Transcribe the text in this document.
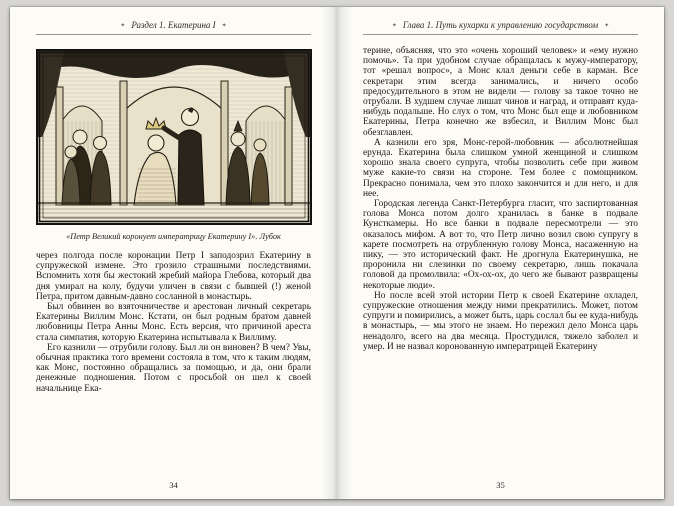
✦ Раздел 1. Екатерина I ✦
«Петр Великий коронует императрицу Екатерину I». Лубок

через полгода после коронации Петр I заподозрил Екатерину в супружеской измене. Это грозило страшными последствиями. Вспомнить хотя бы жестокий жребий майора Глебова, который два дня умирал на колу, будучи уличен в связи с бывшей (!) женой Петра, притом давным-давно сосланной в монастырь.

Был обвинен во взяточничестве и арестован личный секретарь Екатерины Виллим Монс. Кстати, он был родным братом давней любовницы Петра Анны Монс. Есть версия, что причиной ареста стала симпатия, которую Екатерина испытывала к Виллиму.

Его казнили — отрубили голову. Был ли он виновен? В чем? Увы, обычная практика того времени состояла в том, что к таким людям, как Монс, постоянно обращались за помощью, и да, они брали денежные подношения. Потом с просьбой он шел к своей начальнице Ека-

34
✦ Глава 1. Путь кухарки к управлению государством ✦

терине, объясняя, что это «очень хороший человек» и «ему нужно помочь». Та при удобном случае обращалась к мужу-императору, тот «решал вопрос», а Монс клал деньги себе в карман. Все секретари этим всегда занимались, и ничего особо предосудительного в этом не видели — голову за такое точно не отрубали. В худшем случае лишат чинов и наград, и отправят куда-нибудь подальше. Но слух о том, что Монс был еще и любовником Екатерины, Петра конечно же взбесил, и Виллим Монс был обезглавлен.

А казнили его зря, Монс-герой-любовник — абсолютнейшая ерунда. Екатерина была слишком умной женщиной и слишком хорошо знала своего супруга, чтобы позволить себе при живом муже какие-то связи на стороне. Тем более с помощником. Прекрасно понимала, чем это плохо закончится и для него, и для нее.

Городская легенда Санкт-Петербурга гласит, что заспиртованная голова Монса потом долго хранилась в банке в подвале Кунсткамеры. Но все банки в подвале пересмотрели — это оказалось мифом. А вот то, что Петр лично возил свою супругу в карете посмотреть на отрубленную голову Монса, насаженную на пику, — это исторический факт. Не дрогнула Екатеринушка, не проронила ни слезинки по своему секретарю, лишь покачала головой да промолвила: «Ох-ох-ох, до чего же бывают развращены некоторые люди».

Но после всей этой истории Петр к своей Екатерине охладел, супружеские отношения между ними прекратились. Может, потом супруги и помирились, а может быть, царь сослал бы ее куда-нибудь в монастырь, — мы этого не знаем. Но пережил дело Монса царь ненадолго, всего на два месяца. Простудился, тяжело заболел и умер. И не назвал коронованную императрицей Екатерину

35
